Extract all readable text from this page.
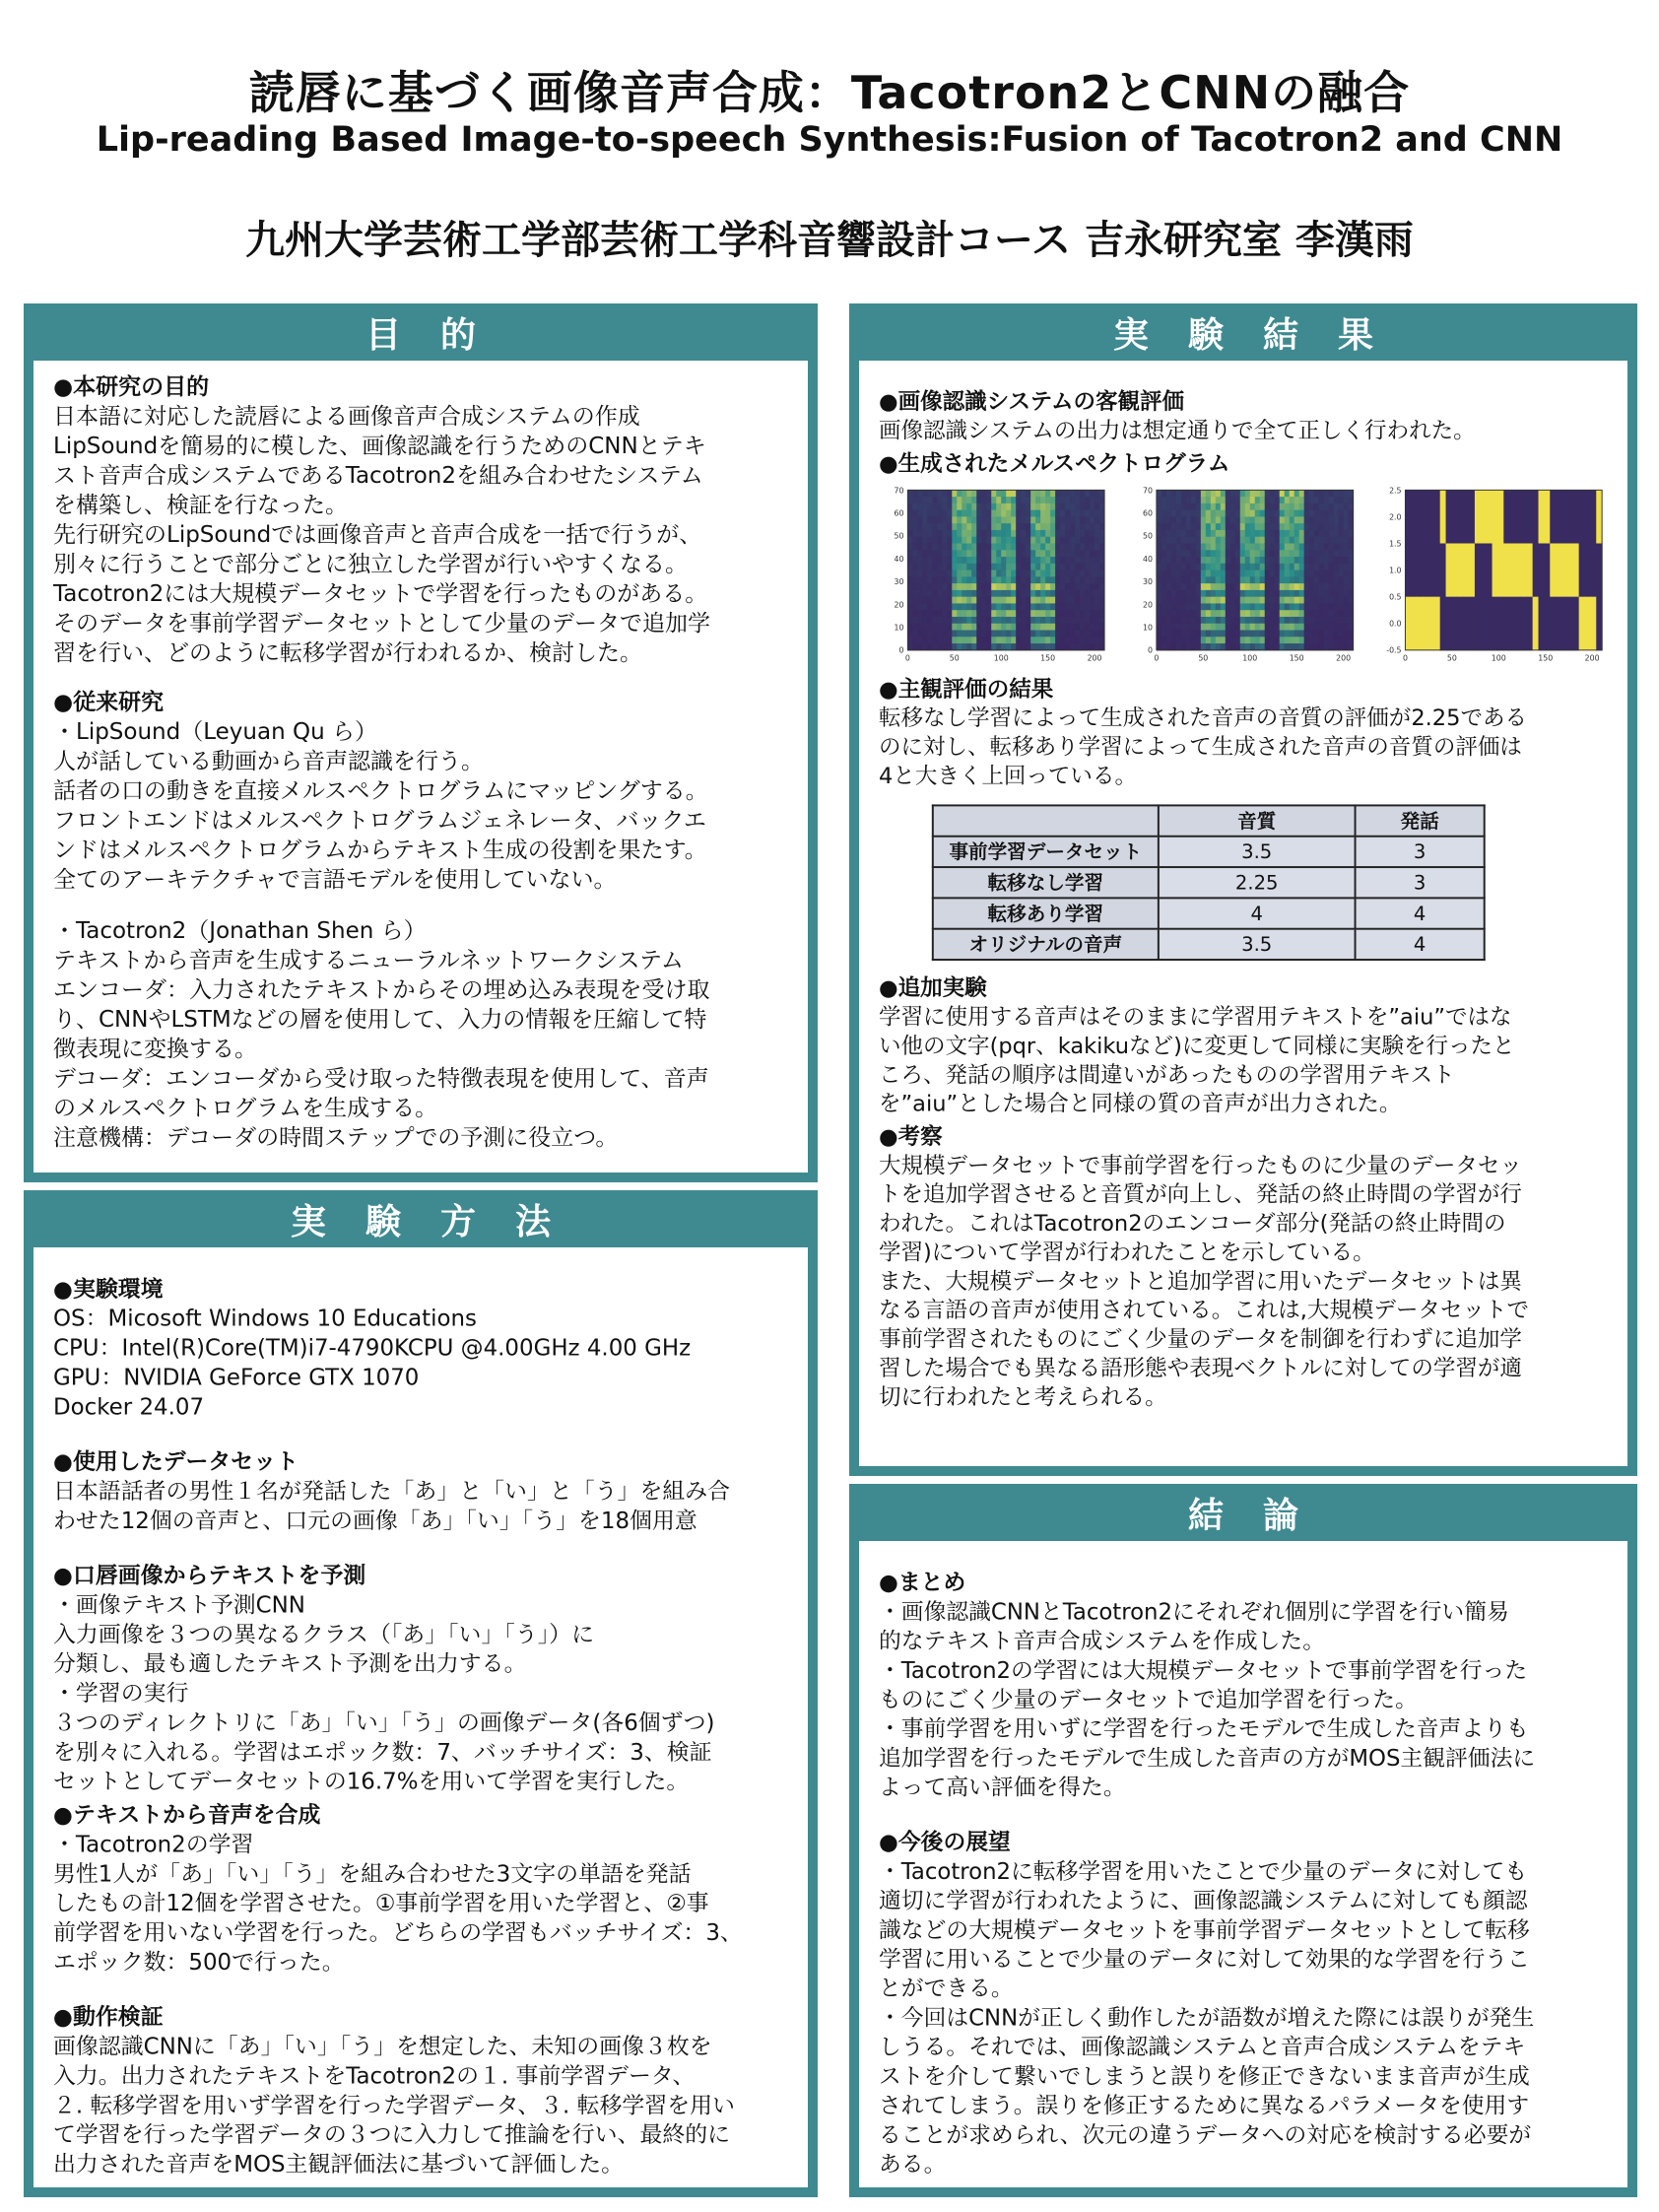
読唇に基づく画像音声合成：Tacotron2とCNNの融合
Lip-reading Based Image-to-speech Synthesis:Fusion of Tacotron2 and CNN
九州大学芸術工学部芸術工学科音響設計コース 吉永研究室 李漢雨
目的
●本研究の目的
日本語に対応した読唇による画像音声合成システムの作成
LipSoundを簡易的に模した、画像認識を行うためのCNNとテキ
スト音声合成システムであるTacotron2を組み合わせたシステム
を構築し、検証を行なった。
先行研究のLipSoundでは画像音声と音声合成を一括で行うが、
別々に行うことで部分ごとに独立した学習が行いやすくなる。
Tacotron2には大規模データセットで学習を行ったものがある。
そのデータを事前学習データセットとして少量のデータで追加学
習を行い、どのように転移学習が行われるか、検討した。
●従来研究
・LipSound（Leyuan Qu ら）
人が話している動画から音声認識を行う。
話者の口の動きを直接メルスペクトログラムにマッピングする。
フロントエンドはメルスペクトログラムジェネレータ、バックエ
ンドはメルスペクトログラムからテキスト生成の役割を果たす。
全てのアーキテクチャで言語モデルを使用していない。
・Tacotron2（Jonathan Shen ら）
テキストから音声を生成するニューラルネットワークシステム
エンコーダ：入力されたテキストからその埋め込み表現を受け取
り、CNNやLSTMなどの層を使用して、入力の情報を圧縮して特
徴表現に変換する。
デコーダ：エンコーダから受け取った特徴表現を使用して、音声
のメルスペクトログラムを生成する。
注意機構：デコーダの時間ステップでの予測に役立つ。
実験方法
●実験環境
OS：Micosoft Windows 10 Educations
CPU：Intel(R)Core(TM)i7-4790KCPU @4.00GHz 4.00 GHz
GPU：NVIDIA GeForce GTX 1070
Docker 24.07
●使用したデータセット
日本語話者の男性１名が発話した「あ」と「い」と「う」を組み合
わせた12個の音声と、口元の画像「あ」「い」「う」を18個用意
●口唇画像からテキストを予測
・画像テキスト予測CNN
入力画像を３つの異なるクラス（「あ」「い」「う」）に
分類し、最も適したテキスト予測を出力する。
・学習の実行
３つのディレクトリに「あ」「い」「う」の画像データ(各6個ずつ)
を別々に入れる。学習はエポック数：7、バッチサイズ：3、検証
セットとしてデータセットの16.7%を用いて学習を実行した。
●テキストから音声を合成
・Tacotron2の学習
男性1人が「あ」「い」「う」を組み合わせた3文字の単語を発話
したもの計12個を学習させた。①事前学習を用いた学習と、②事
前学習を用いない学習を行った。どちらの学習もバッチサイズ：3、
エポック数：500で行った。
●動作検証
画像認識CNNに「あ」「い」「う」を想定した、未知の画像３枚を
入力。出力されたテキストをTacotron2の１. 事前学習データ、
２. 転移学習を用いず学習を行った学習データ、３. 転移学習を用い
て学習を行った学習データの３つに入力して推論を行い、最終的に
出力された音声をMOS主観評価法に基づいて評価した。
実験結果
●画像認識システムの客観評価
画像認識システムの出力は想定通りで全て正しく行われた。
●生成されたメルスペクトログラム
70
60
50
40
30
20
10
0
0	50	100	150	200
70
60
50
40
30
20
10
0
0	50	100	150	200
2.5
2.0
1.5
1.0
0.5
0.0
-0.5
0	50	100	150	200
●主観評価の結果
転移なし学習によって生成された音声の音質の評価が2.25である
のに対し、転移あり学習によって生成された音声の音質の評価は
4と大きく上回っている。
	音質	発話
事前学習データセット	3.5	3
転移なし学習	2.25	3
転移あり学習	4	4
オリジナルの音声	3.5	4
●追加実験
学習に使用する音声はそのままに学習用テキストを”aiu”ではな
い他の文字(pqr、kakikuなど)に変更して同様に実験を行ったと
ころ、発話の順序は間違いがあったものの学習用テキスト
を”aiu”とした場合と同様の質の音声が出力された。
●考察
大規模データセットで事前学習を行ったものに少量のデータセッ
トを追加学習させると音質が向上し、発話の終止時間の学習が行
われた。これはTacotron2のエンコーダ部分(発話の終止時間の
学習)について学習が行われたことを示している。
また、大規模データセットと追加学習に用いたデータセットは異
なる言語の音声が使用されている。これは,大規模データセットで
事前学習されたものにごく少量のデータを制御を行わずに追加学
習した場合でも異なる語形態や表現ベクトルに対しての学習が適
切に行われたと考えられる。
結論
●まとめ
・画像認識CNNとTacotron2にそれぞれ個別に学習を行い簡易
的なテキスト音声合成システムを作成した。
・Tacotron2の学習には大規模データセットで事前学習を行った
ものにごく少量のデータセットで追加学習を行った。
・事前学習を用いずに学習を行ったモデルで生成した音声よりも
追加学習を行ったモデルで生成した音声の方がMOS主観評価法に
よって高い評価を得た。
●今後の展望
・Tacotron2に転移学習を用いたことで少量のデータに対しても
適切に学習が行われたように、画像認識システムに対しても顔認
識などの大規模データセットを事前学習データセットとして転移
学習に用いることで少量のデータに対して効果的な学習を行うこ
とができる。
・今回はCNNが正しく動作したが語数が増えた際には誤りが発生
しうる。それでは、画像認識システムと音声合成システムをテキ
ストを介して繋いでしまうと誤りを修正できないまま音声が生成
されてしまう。誤りを修正するために異なるパラメータを使用す
ることが求められ、次元の違うデータへの対応を検討する必要が
ある。
